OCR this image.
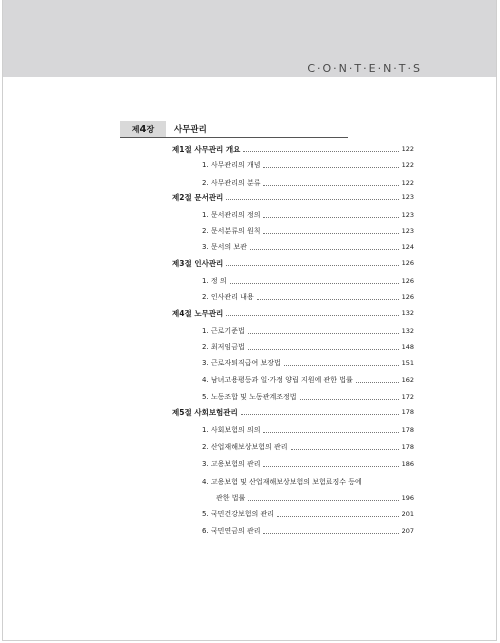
C·O·N·T·E·N·T·S
제 4 장 사무관리
제1절 사무관리 개요	122
1. 사무관리의 개념	122
2. 사무관리의 분류	122
제2절 문서관리	123
1. 문서관리의 정의	123
2. 문서분류의 원칙	123
3. 문서의 보관	124
제3절 인사관리	126
1. 정 의	126
2. 인사관리 내용	126
제4절 노무관리	132
1. 근로기준법	132
2. 최저임금법	148
3. 근로자퇴직급여 보장법	151
4. 남녀고용평등과 일·가정 양립 지원에 관한 법률	162
5. 노동조합 및 노동관계조정법	172
제5절 사회보험관리	178
1. 사회보험의 의의	178
2. 산업재해보상보험의 관리	178
3. 고용보험의 관리	186
4. 고용보험 및 산업재해보상보험의 보험료징수 등에
관한 법률	196
5. 국민건강보험의 관리	201
6. 국민연금의 관리	207
